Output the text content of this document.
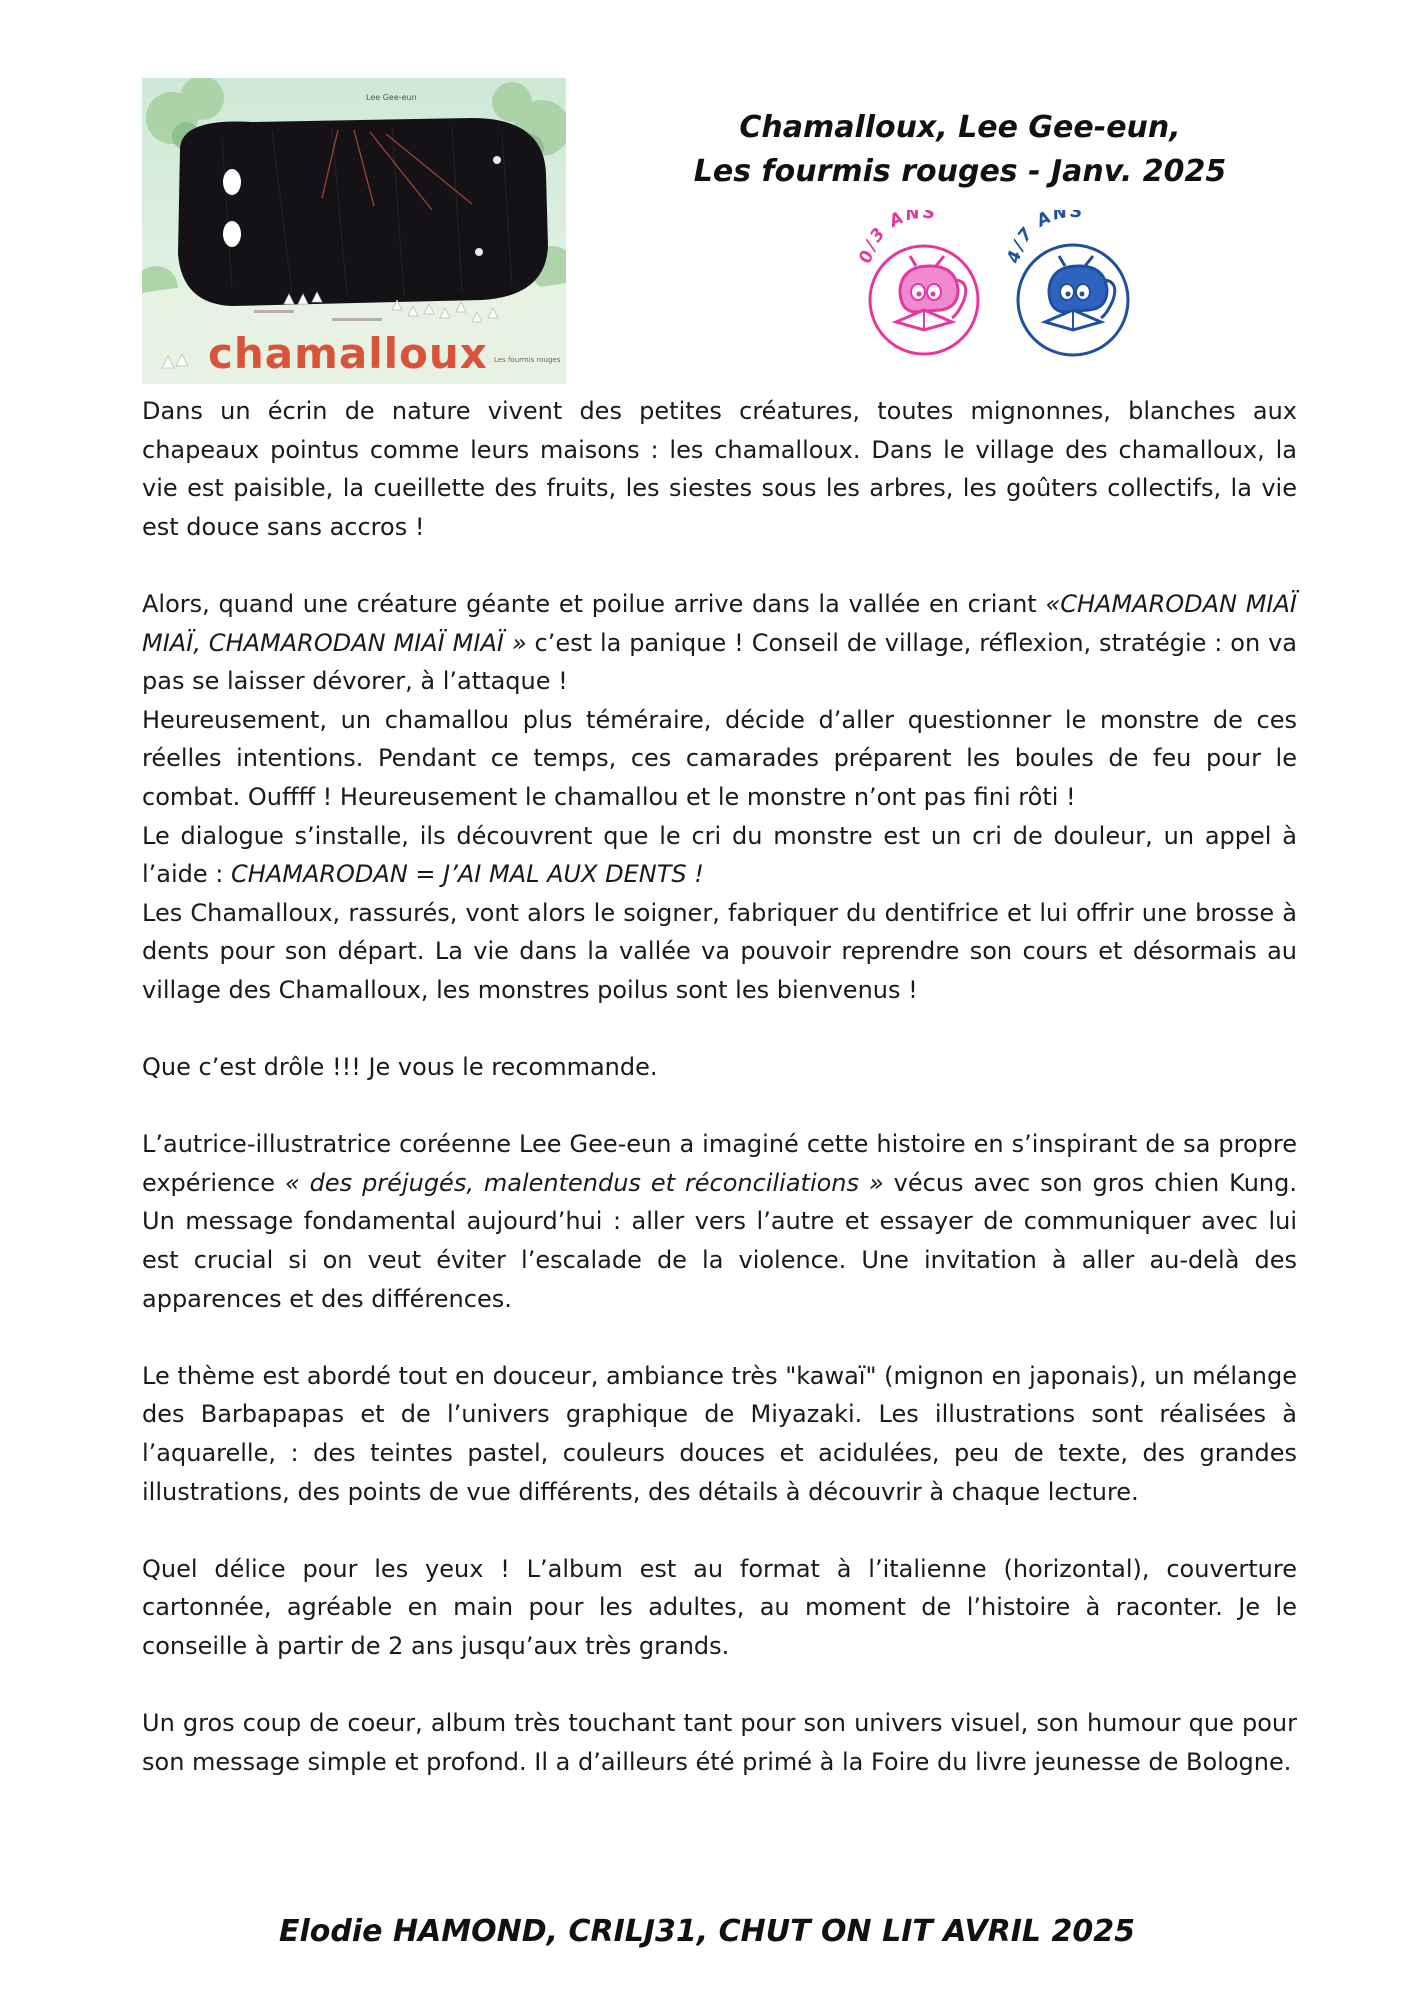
Lee Gee-eun
chamalloux Les fourmis rouges
Chamalloux, Lee Gee-eun,
Les fourmis rouges - Janv. 2025
0/3 ANS
4/7 ANS

Dans un écrin de nature vivent des petites créatures, toutes mignonnes, blanches aux chapeaux pointus comme leurs maisons : les chamalloux. Dans le village des chamalloux, la vie est paisible, la cueillette des fruits, les siestes sous les arbres, les goûters collectifs, la vie est douce sans accros !

Alors, quand une créature géante et poilue arrive dans la vallée en criant «CHAMARODAN MIAÏ MIAÏ, CHAMARODAN MIAÏ MIAÏ » c’est la panique ! Conseil de village, réflexion, stratégie : on va pas se laisser dévorer, à l’attaque !
Heureusement, un chamallou plus téméraire, décide d’aller questionner le monstre de ces réelles intentions. Pendant ce temps, ces camarades préparent les boules de feu pour le combat. Ouffff ! Heureusement le chamallou et le monstre n’ont pas fini rôti !
Le dialogue s’installe, ils découvrent que le cri du monstre est un cri de douleur, un appel à l’aide : CHAMARODAN = J’AI MAL AUX DENTS !
Les Chamalloux, rassurés, vont alors le soigner, fabriquer du dentifrice et lui offrir une brosse à dents pour son départ. La vie dans la vallée va pouvoir reprendre son cours et désormais au village des Chamalloux, les monstres poilus sont les bienvenus !

Que c’est drôle !!! Je vous le recommande.

L’autrice-illustratrice coréenne Lee Gee-eun a imaginé cette histoire en s’inspirant de sa propre expérience « des préjugés, malentendus et réconciliations » vécus avec son gros chien Kung. Un message fondamental aujourd’hui : aller vers l’autre et essayer de communiquer avec lui est crucial si on veut éviter l’escalade de la violence. Une invitation à aller au-delà des apparences et des différences.

Le thème est abordé tout en douceur, ambiance très "kawaï" (mignon en japonais), un mélange des Barbapapas et de l’univers graphique de Miyazaki. Les illustrations sont réalisées à l’aquarelle, : des teintes pastel, couleurs douces et acidulées, peu de texte, des grandes illustrations, des points de vue différents, des détails à découvrir à chaque lecture.

Quel délice pour les yeux ! L’album est au format à l’italienne (horizontal), couverture cartonnée, agréable en main pour les adultes, au moment de l’histoire à raconter. Je le conseille à partir de 2 ans jusqu’aux très grands.

Un gros coup de coeur, album très touchant tant pour son univers visuel, son humour que pour son message simple et profond. Il a d’ailleurs été primé à la Foire du livre jeunesse de Bologne.

Elodie HAMOND, CRILJ31, CHUT ON LIT AVRIL 2025
